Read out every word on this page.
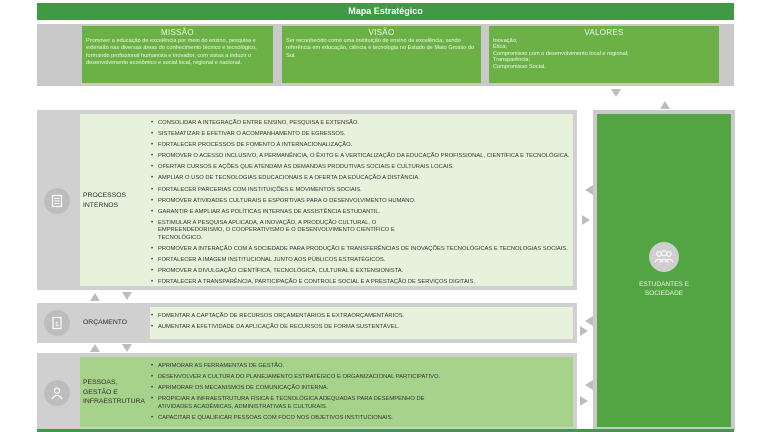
Mapa Estratégico
MISSÃO
Promover a educação de excelência por meio do ensino, pesquisa e extensão nas diversas áreas do conhecimento técnico e tecnológico, formando profissional humanista e inovador, com vistas a induzir o desenvolvimento econômico e social local, regional e nacional.
VISÃO
Ser reconhecido como uma instituição de ensino de excelência, sendo referência em educação, ciência e tecnologia no Estado de Mato Grosso do Sul.
VALORES
Inovação;
Ética;
Compromisso com o desenvolvimento local e regional;
Transparência;
Compromisso Social.
ESTUDANTES E
SOCIEDADE
PROCESSOS
INTERNOS
• CONSOLIDAR A INTEGRAÇÃO ENTRE ENSINO, PESQUISA E EXTENSÃO.
• SISTEMATIZAR E EFETIVAR O ACOMPANHAMENTO DE EGRESSOS.
• FORTALECER PROCESSOS DE FOMENTO À INTERNACIONALIZAÇÃO.
• PROMOVER O ACESSO INCLUSIVO, A PERMANÊNCIA, O ÊXITO E A VERTICALIZAÇÃO DA EDUCAÇÃO PROFISSIONAL, CIENTÍFICA E TECNOLÓGICA.
• OFERTAR CURSOS E AÇÕES QUE ATENDAM ÀS DEMANDAS PRODUTIVAS SOCIAIS E CULTURAIS LOCAIS.
• AMPLIAR O USO DE TECNOLOGIAS EDUCACIONAIS E A OFERTA DA EDUCAÇÃO A DISTÂNCIA.
• FORTALECER PARCERIAS COM INSTITUIÇÕES E MOVIMENTOS SOCIAIS.
• PROMOVER ATIVIDADES CULTURAIS E ESPORTIVAS PARA O DESENVOLVIMENTO HUMANO.
• GARANTIR E AMPLIAR AS POLÍTICAS INTERNAS DE ASSISTÊNCIA ESTUDANTIL.
• ESTIMULAR A PESQUISA APLICADA, A INOVAÇÃO, A PRODUÇÃO CULTURAL, O EMPREENDEDORISMO, O COOPERATIVISMO E O DESENVOLVIMENTO CIENTÍFICO E TECNOLÓGICO.
• PROMOVER A INTERAÇÃO COM A SOCIEDADE PARA PRODUÇÃO E TRANSFERÊNCIAS DE INOVAÇÕES TECNOLÓGICAS E TECNOLOGIAS SOCIAIS.
• FORTALECER A IMAGEM INSTITUCIONAL JUNTO AOS PÚBLICOS ESTRATÉGICOS.
• PROMOVER A DIVULGAÇÃO CIENTÍFICA, TECNOLÓGICA, CULTURAL E EXTENSIONISTA.
• FORTALECER A TRANSPARÊNCIA, PARTICIPAÇÃO E CONTROLE SOCIAL E A PRESTAÇÃO DE SERVIÇOS DIGITAIS.
$	ORÇAMENTO
• FOMENTAR A CAPTAÇÃO DE RECURSOS ORÇAMENTÁRIOS E EXTRAORÇAMENTÁRIOS.
• AUMENTAR A EFETIVIDADE DA APLICAÇÃO DE RECURSOS DE FORMA SUSTENTÁVEL.
PESSOAS,
GESTÃO E
INFRAESTRUTURA
• APRIMORAR AS FERRAMENTAS DE GESTÃO.
• DESENVOLVER A CULTURA DO PLANEJAMENTO ESTRATÉGICO E ORGANIZACIONAL PARTICIPATIVO.
• APRIMORAR OS MECANISMOS DE COMUNICAÇÃO INTERNA.
• PROPICIAR A INFRAESTRUTURA FÍSICA E TECNOLÓGICA ADEQUADAS PARA DESEMPENHO DE ATIVIDADES ACADÊMICAS, ADMINISTRATIVAS E CULTURAIS.
• CAPACITAR E QUALIFICAR PESSOAS COM FOCO NOS OBJETIVOS INSTITUCIONAIS.
